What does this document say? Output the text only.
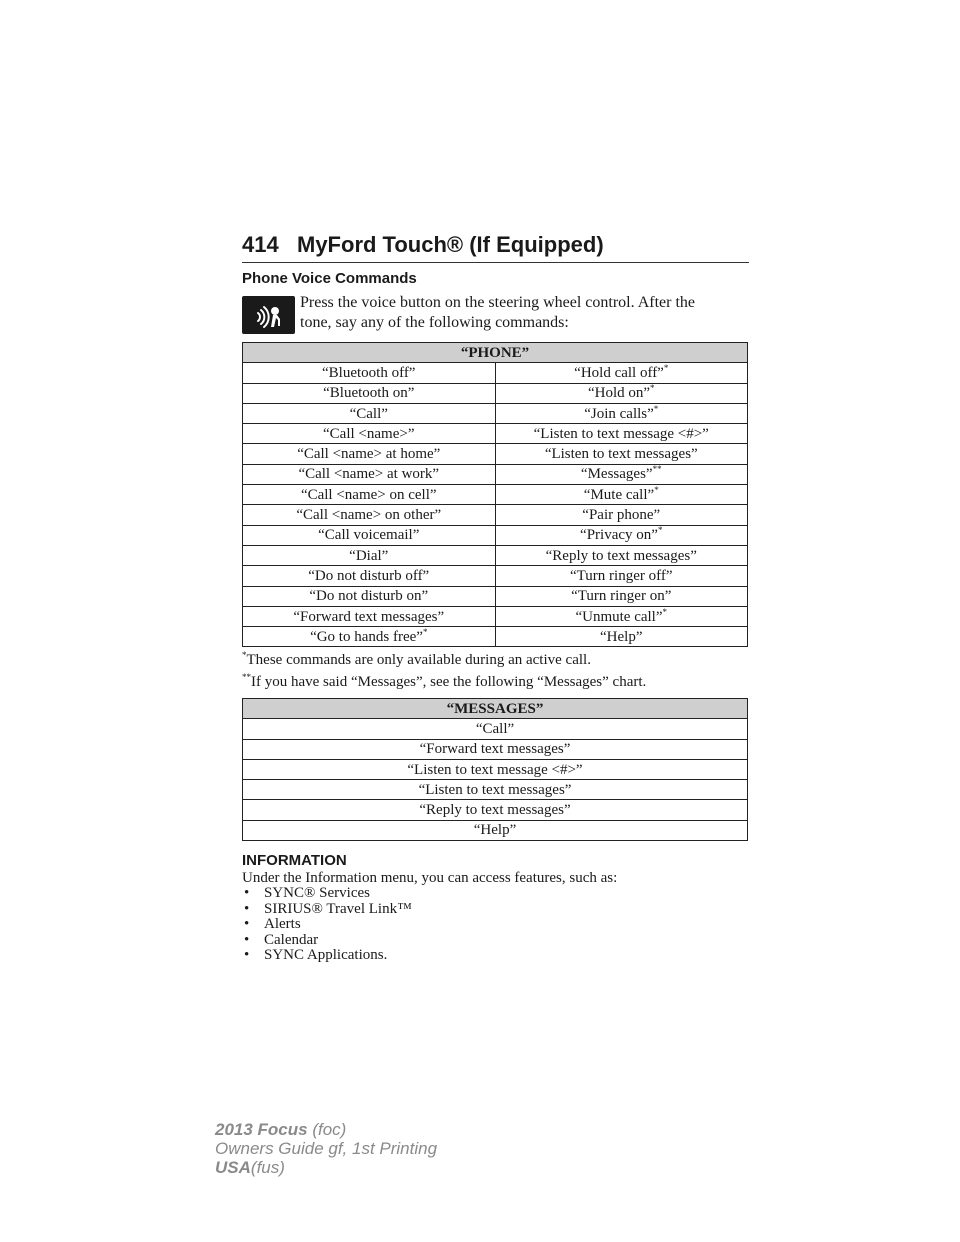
414 MyFord Touch® (If Equipped)
Phone Voice Commands

Press the voice button on the steering wheel control. After the
tone, say any of the following commands:

“PHONE”	
“Bluetooth off”	“Hold call off”*
“Bluetooth on”	“Hold on”*
“Call”	“Join calls”*
“Call <name>”	“Listen to text message <#>”
“Call <name> at home”	“Listen to text messages”
“Call <name> at work”	“Messages”**
“Call <name> on cell”	“Mute call”*
“Call <name> on other”	“Pair phone”
“Call voicemail”	“Privacy on”*
“Dial”	“Reply to text messages”
“Do not disturb off”	“Turn ringer off”
“Do not disturb on”	“Turn ringer on”
“Forward text messages”	“Unmute call”*
“Go to hands free”*	“Help”

*These commands are only available during an active call.

**If you have said “Messages”, see the following “Messages” chart.

“MESSAGES”
“Call”
“Forward text messages”
“Listen to text message <#>”
“Listen to text messages”
“Reply to text messages”
“Help”
INFORMATION

Under the Information menu, you can access features, such as:

• SYNC® Services
• SIRIUS® Travel Link™
• Alerts
• Calendar
• SYNC Applications.
2013 Focus (foc)
Owners Guide gf, 1st Printing
USA(fus)
